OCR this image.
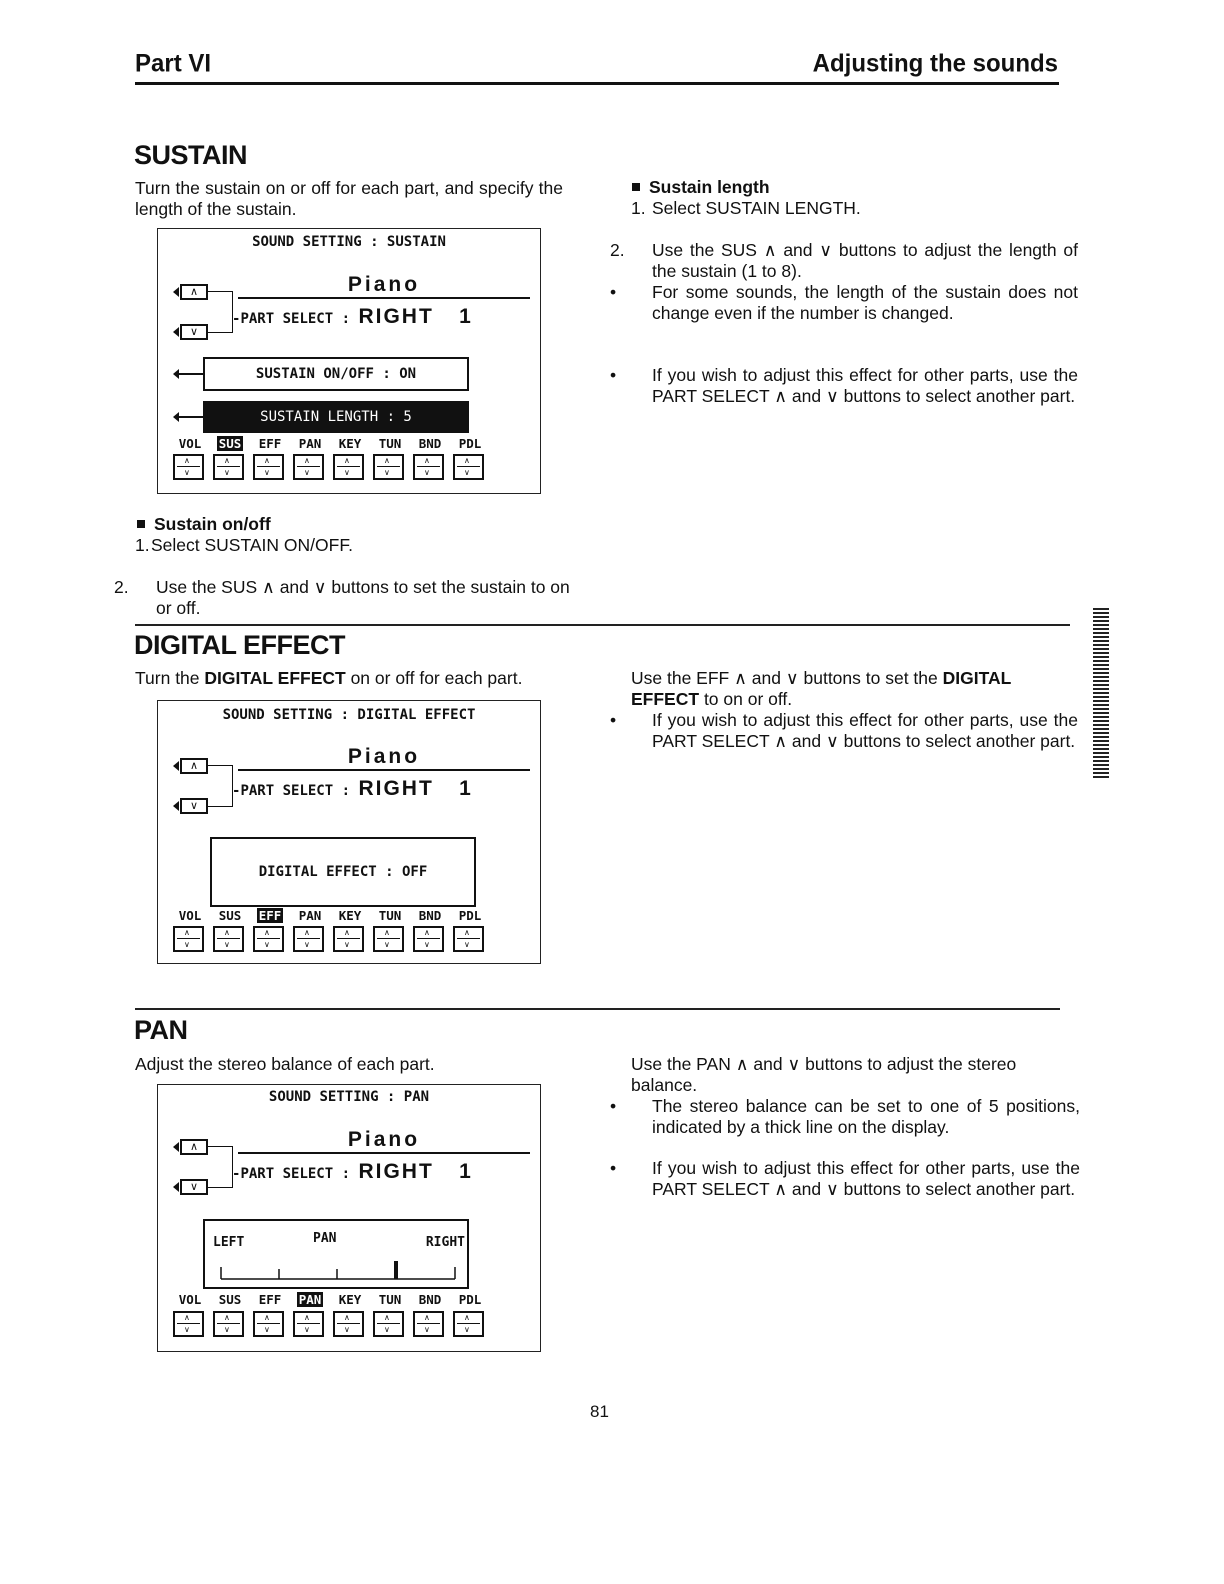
Part VI	Adjusting the sounds
SUSTAIN
Turn the sustain on or off for each part, and specify the length of the sustain.
SOUND SETTING : SUSTAIN
∧
∨
Piano
-PART SELECT : RIGHT 1
SUSTAIN ON/OFF : ON
SUSTAIN LENGTH : 5
VOL	SUS	EFF	PAN	KEY	TUN	BND	PDL
∧
∨
∧
∨
∧
∨
∧
∨
∧
∨
∧
∨
∧
∨
∧
∨
Sustain on/off
1.Select SUSTAIN ON/OFF.
2. Use the SUS ∧ and ∨ buttons to set the sustain to on or off.
Sustain length
1. Select SUSTAIN LENGTH.
2. Use the SUS ∧ and ∨ buttons to adjust the length of the sustain (1 to 8).
• For some sounds, the length of the sustain does not change even if the number is changed.
• If you wish to adjust this effect for other parts, use the PART SELECT ∧ and ∨ buttons to select another part.
DIGITAL EFFECT
Turn the DIGITAL EFFECT on or off for each part.
SOUND SETTING : DIGITAL EFFECT
∧
∨
Piano
-PART SELECT : RIGHT 1
DIGITAL EFFECT : OFF
VOL	SUS	EFF	PAN	KEY	TUN	BND	PDL
∧
∨
∧
∨
∧
∨
∧
∨
∧
∨
∧
∨
∧
∨
∧
∨
Use the EFF ∧ and ∨ buttons to set the DIGITAL EFFECT to on or off.
• If you wish to adjust this effect for other parts, use the PART SELECT ∧ and ∨ buttons to select another part.
PAN
Adjust the stereo balance of each part.
SOUND SETTING : PAN
∧
∨
Piano
-PART SELECT : RIGHT 1
LEFT	PAN	RIGHT
VOL	SUS	EFF	PAN	KEY	TUN	BND	PDL
∧
∨
∧
∨
∧
∨
∧
∨
∧
∨
∧
∨
∧
∨
∧
∨
Use the PAN ∧ and ∨ buttons to adjust the stereo balance.
• The stereo balance can be set to one of 5 positions, indicated by a thick line on the display.
• If you wish to adjust this effect for other parts, use the PART SELECT ∧ and ∨ buttons to select another part.
81
